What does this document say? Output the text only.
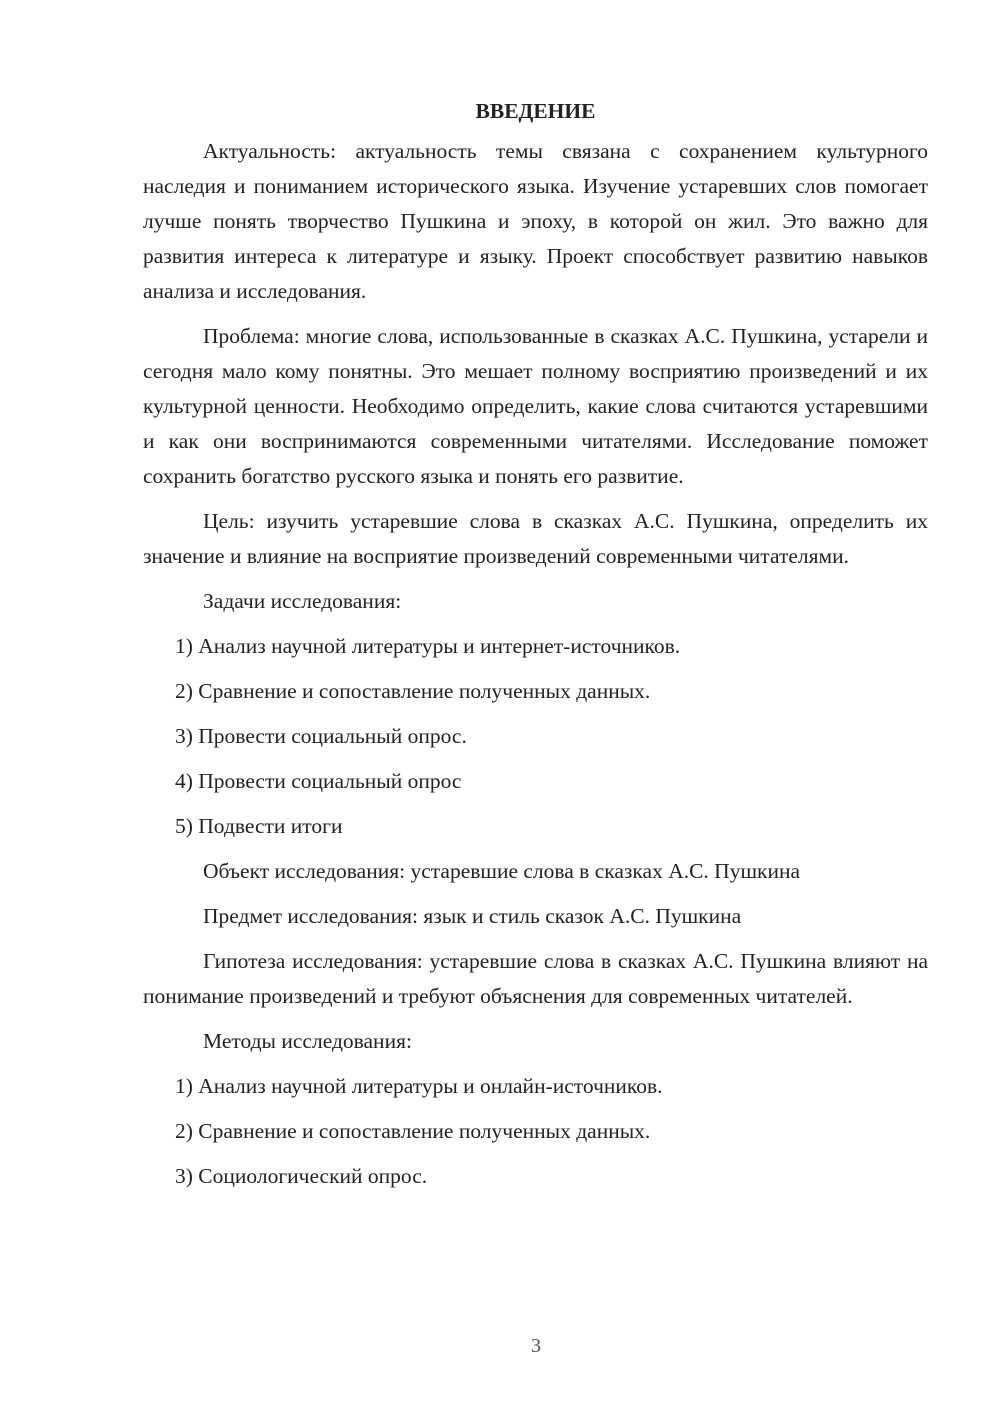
ВВЕДЕНИЕ

Актуальность: актуальность темы связана с сохранением культурного наследия и пониманием исторического языка. Изучение устаревших слов помогает лучше понять творчество Пушкина и эпоху, в которой он жил. Это важно для развития интереса к литературе и языку. Проект способствует развитию навыков анализа и исследования.

Проблема: многие слова, использованные в сказках А.С. Пушкина, устарели и сегодня мало кому понятны. Это мешает полному восприятию произведений и их культурной ценности. Необходимо определить, какие слова считаются устаревшими и как они воспринимаются современными читателями. Исследование поможет сохранить богатство русского языка и понять его развитие.

Цель: изучить устаревшие слова в сказках А.С. Пушкина, определить их значение и влияние на восприятие произведений современными читателями.

Задачи исследования:
1) Анализ научной литературы и интернет-источников.
2) Сравнение и сопоставление полученных данных.
3) Провести социальный опрос.
4) Провести социальный опрос
5) Подвести итоги
Объект исследования: устаревшие слова в сказках А.С. Пушкина
Предмет исследования: язык и стиль сказок А.С. Пушкина

Гипотеза исследования: устаревшие слова в сказках А.С. Пушкина влияют на понимание произведений и требуют объяснения для современных читателей.

Методы исследования:
1) Анализ научной литературы и онлайн-источников.
2) Сравнение и сопоставление полученных данных.
3) Социологический опрос.
3
